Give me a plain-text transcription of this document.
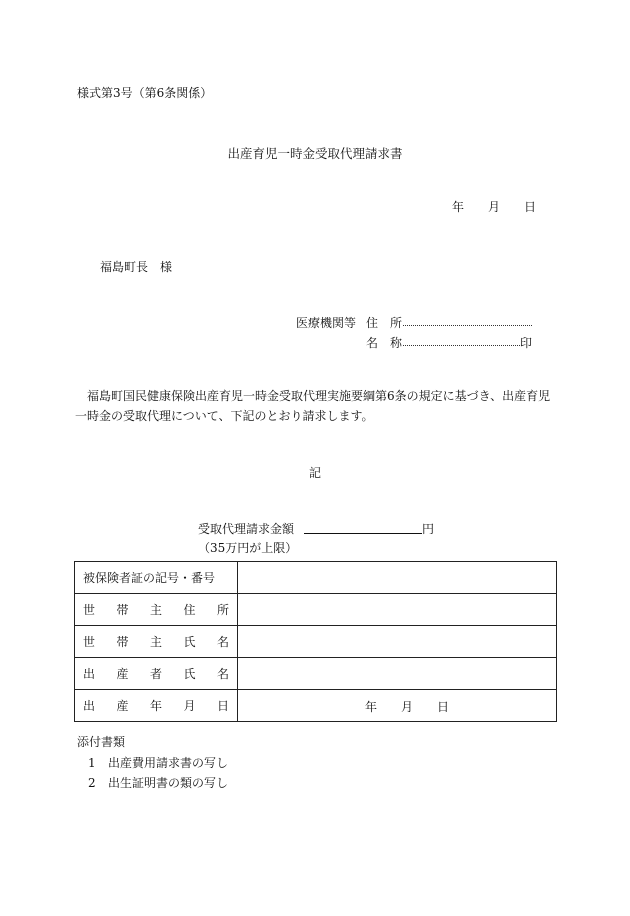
様式第3号（第6条関係）
出産育児一時金受取代理請求書
年 月 日
福島町長　様
医療機関等 住　所
名　称	印
福島町国民健康保険出産育児一時金受取代理実施要綱第6条の規定に基づき、出産育児一時金の受取代理について、下記のとおり請求します。
記
受取代理請求金額	円
（35万円が上限）
被保険者証の記号・番号	

世 帯 主 住 所	

世 帯 主 氏 名	

出 産 者 氏 名	

出 産 年 月 日	年　　月　　日
添付書類
1 出産費用請求書の写し
2 出生証明書の類の写し
